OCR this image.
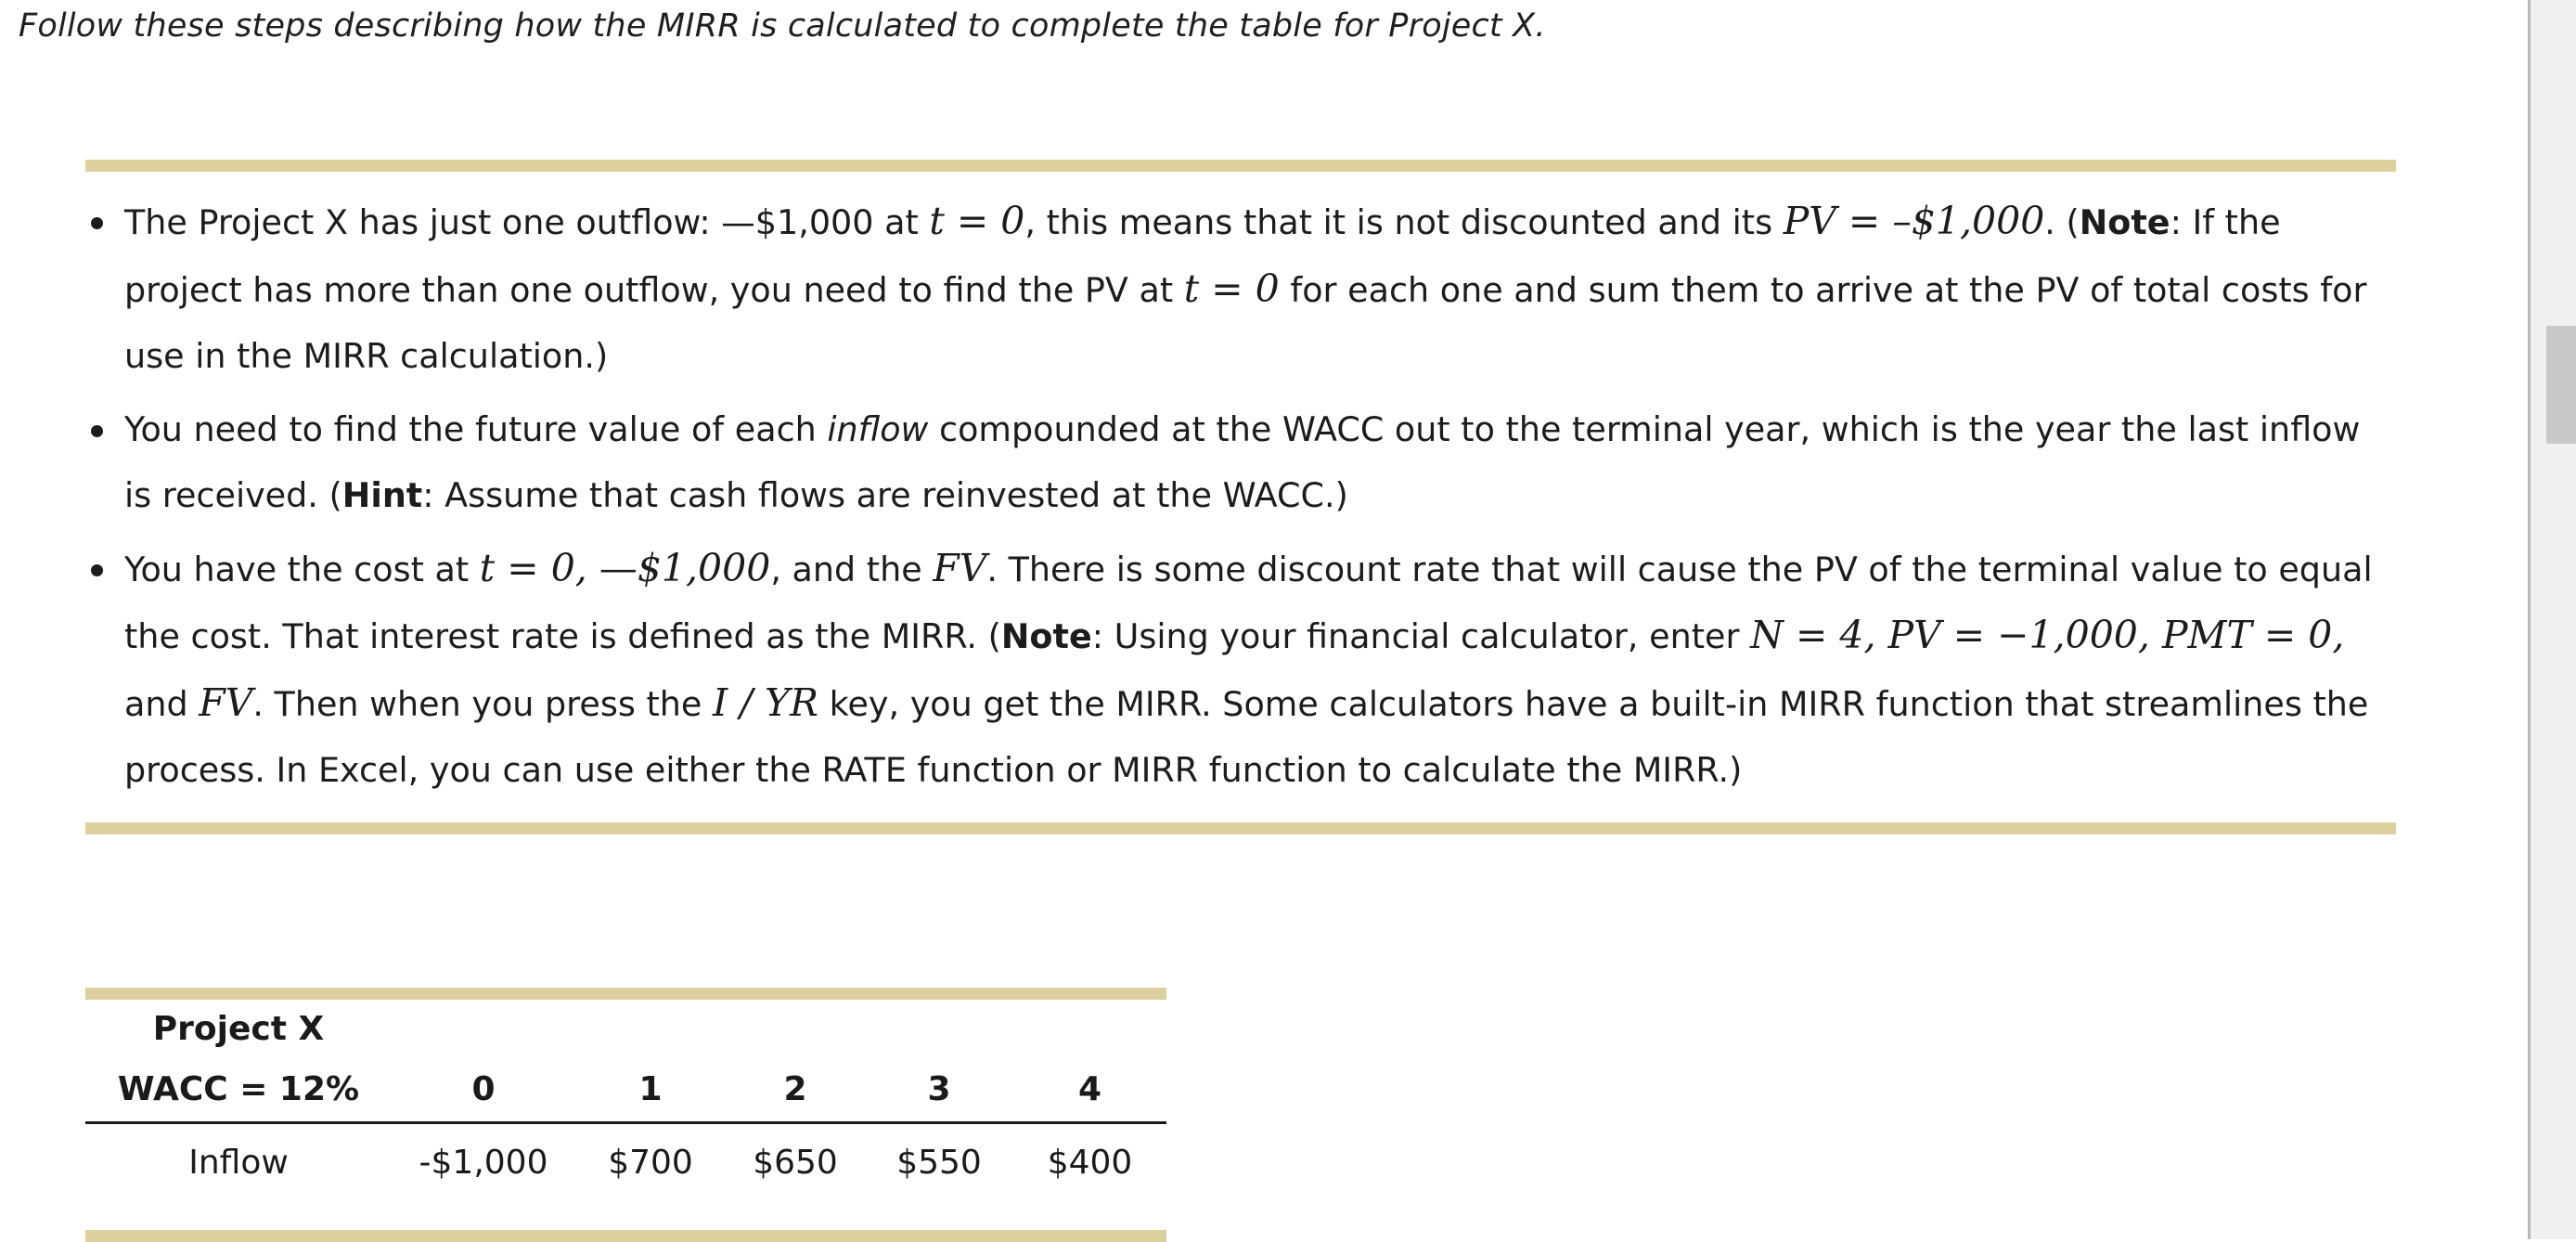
Follow these steps describing how the MIRR is calculated to complete the table for Project X.
The Project X has just one outflow: —$1,000 at t = 0, this means that it is not discounted and its PV = –$1,000. (Note: If the project has more than one outflow, you need to find the PV at t = 0 for each one and sum them to arrive at the PV of total costs for use in the MIRR calculation.)
You need to find the future value of each inflow compounded at the WACC out to the terminal year, which is the year the last inflow is received. (Hint: Assume that cash flows are reinvested at the WACC.)
You have the cost at t = 0, —$1,000, and the FV. There is some discount rate that will cause the PV of the terminal value to equal the cost. That interest rate is defined as the MIRR. (Note: Using your financial calculator, enter N = 4, PV = −1,000, PMT = 0, and FV. Then when you press the I / YR key, you get the MIRR. Some calculators have a built-in MIRR function that streamlines the process. In Excel, you can use either the RATE function or MIRR function to calculate the MIRR.)
Project X					
WACC = 12%	0	1	2	3	4
Inflow	-$1,000	$700	$650	$550	$400
